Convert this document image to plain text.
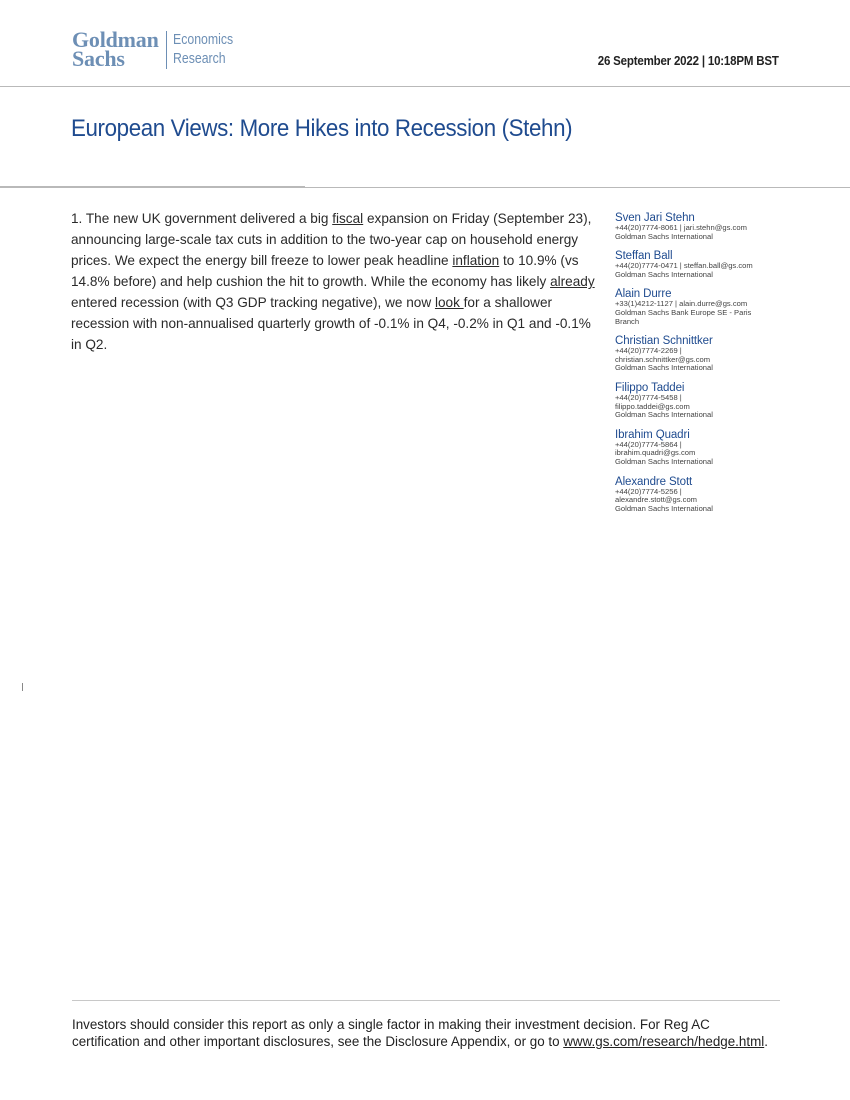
Goldman
Sachs
Economics
Research	26 September 2022 | 10:18PM BST
European Views: More Hikes into Recession (Stehn)

1. The new UK government delivered a big fiscal expansion on Friday (September 23), announcing large-scale tax cuts in addition to the two-year cap on household energy prices. We expect the energy bill freeze to lower peak headline inflation to 10.9% (vs 14.8% before) and help cushion the hit to growth. While the economy has likely already entered recession (with Q3 GDP tracking negative), we now look for a shallower recession with non-annualised quarterly growth of -0.1% in Q4, -0.2% in Q1 and -0.1% in Q2.

Sven Jari Stehn
+44(20)7774-8061 | jari.stehn@gs.com
Goldman Sachs International
Steffan Ball
+44(20)7774-0471 | steffan.ball@gs.com
Goldman Sachs International
Alain Durre
+33(1)4212-1127 | alain.durre@gs.com
Goldman Sachs Bank Europe SE - Paris Branch
Christian Schnittker
+44(20)7774-2269 | christian.schnittker@gs.com
Goldman Sachs International
Filippo Taddei
+44(20)7774-5458 | filippo.taddei@gs.com
Goldman Sachs International
Ibrahim Quadri
+44(20)7774-5864 | ibrahim.quadri@gs.com
Goldman Sachs International
Alexandre Stott
+44(20)7774-5256 | alexandre.stott@gs.com
Goldman Sachs International

Investors should consider this report as only a single factor in making their investment decision. For Reg AC certification and other important disclosures, see the Disclosure Appendix, or go to www.gs.com/research/hedge.html.
